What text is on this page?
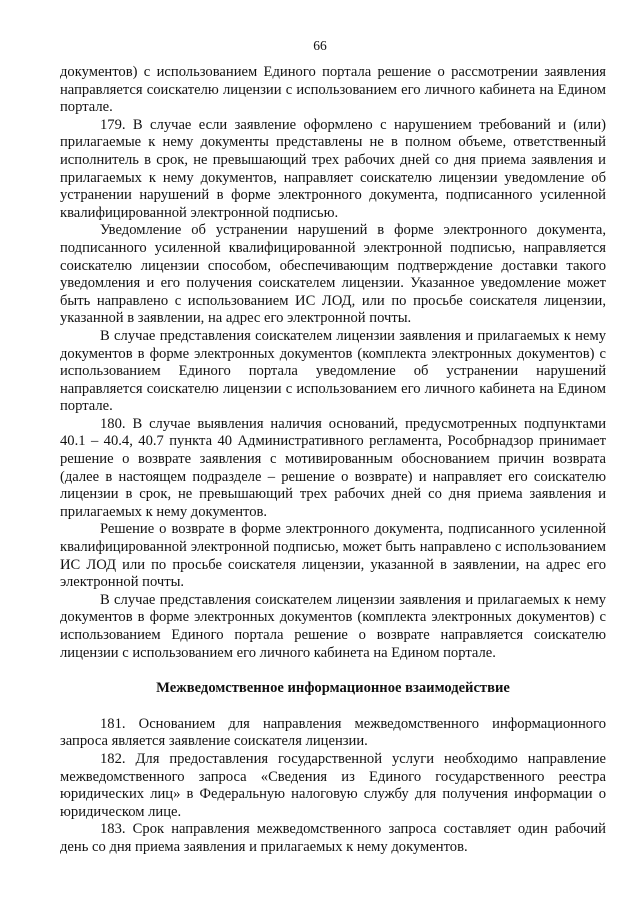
66

документов) с использованием Единого портала решение о рассмотрении заявления направляется соискателю лицензии с использованием его личного кабинета на Едином портале.

179. В случае если заявление оформлено с нарушением требований и (или) прилагаемые к нему документы представлены не в полном объеме, ответственный исполнитель в срок, не превышающий трех рабочих дней со дня приема заявления и прилагаемых к нему документов, направляет соискателю лицензии уведомление об устранении нарушений в форме электронного документа, подписанного усиленной квалифицированной электронной подписью.

Уведомление об устранении нарушений в форме электронного документа, подписанного усиленной квалифицированной электронной подписью, направляется соискателю лицензии способом, обеспечивающим подтверждение доставки такого уведомления и его получения соискателем лицензии. Указанное уведомление может быть направлено с использованием ИС ЛОД, или по просьбе соискателя лицензии, указанной в заявлении, на адрес его электронной почты.

В случае представления соискателем лицензии заявления и прилагаемых к нему документов в форме электронных документов (комплекта электронных документов) с использованием Единого портала уведомление об устранении нарушений направляется соискателю лицензии с использованием его личного кабинета на Едином портале.

180. В случае выявления наличия оснований, предусмотренных подпунктами 40.1 – 40.4, 40.7 пункта 40 Административного регламента, Рособрнадзор принимает решение о возврате заявления с мотивированным обоснованием причин возврата (далее в настоящем подразделе – решение о возврате) и направляет его соискателю лицензии в срок, не превышающий трех рабочих дней со дня приема заявления и прилагаемых к нему документов.

Решение о возврате в форме электронного документа, подписанного усиленной квалифицированной электронной подписью, может быть направлено с использованием ИС ЛОД или по просьбе соискателя лицензии, указанной в заявлении, на адрес его электронной почты.

В случае представления соискателем лицензии заявления и прилагаемых к нему документов в форме электронных документов (комплекта электронных документов) с использованием Единого портала решение о возврате направляется соискателю лицензии с использованием его личного кабинета на Едином портале.

Межведомственное информационное взаимодействие

181. Основанием для направления межведомственного информационного запроса является заявление соискателя лицензии.

182. Для предоставления государственной услуги необходимо направление межведомственного запроса «Сведения из Единого государственного реестра юридических лиц» в Федеральную налоговую службу для получения информации о юридическом лице.

183. Срок направления межведомственного запроса составляет один рабочий день со дня приема заявления и прилагаемых к нему документов.
